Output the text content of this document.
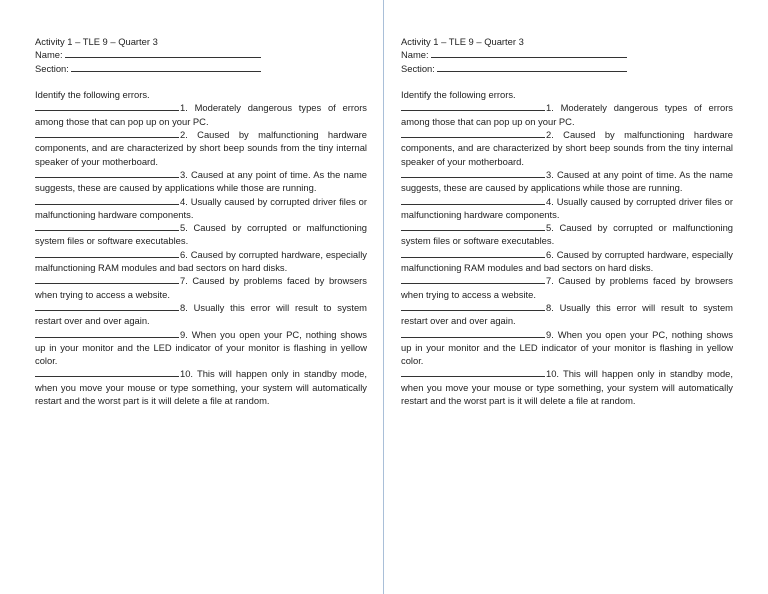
Activity 1 – TLE 9 – Quarter 3
Name:
Section:
Identify the following errors.
1. Moderately dangerous types of errors among those that can pop up on your PC.
2. Caused by malfunctioning hardware components, and are characterized by short beep sounds from the tiny internal speaker of your motherboard.
3. Caused at any point of time. As the name suggests, these are caused by applications while those are running.
4. Usually caused by corrupted driver files or malfunctioning hardware components.
5. Caused by corrupted or malfunctioning system files or software executables.
6. Caused by corrupted hardware, especially malfunctioning RAM modules and bad sectors on hard disks.
7. Caused by problems faced by browsers when trying to access a website.
8. Usually this error will result to system restart over and over again.
9. When you open your PC, nothing shows up in your monitor and the LED indicator of your monitor is flashing in yellow color.
10. This will happen only in standby mode, when you move your mouse or type something, your system will automatically restart and the worst part is it will delete a file at random.
Activity 1 – TLE 9 – Quarter 3
Name:
Section:
Identify the following errors.
1. Moderately dangerous types of errors among those that can pop up on your PC.
2. Caused by malfunctioning hardware components, and are characterized by short beep sounds from the tiny internal speaker of your motherboard.
3. Caused at any point of time. As the name suggests, these are caused by applications while those are running.
4. Usually caused by corrupted driver files or malfunctioning hardware components.
5. Caused by corrupted or malfunctioning system files or software executables.
6. Caused by corrupted hardware, especially malfunctioning RAM modules and bad sectors on hard disks.
7. Caused by problems faced by browsers when trying to access a website.
8. Usually this error will result to system restart over and over again.
9. When you open your PC, nothing shows up in your monitor and the LED indicator of your monitor is flashing in yellow color.
10. This will happen only in standby mode, when you move your mouse or type something, your system will automatically restart and the worst part is it will delete a file at random.
